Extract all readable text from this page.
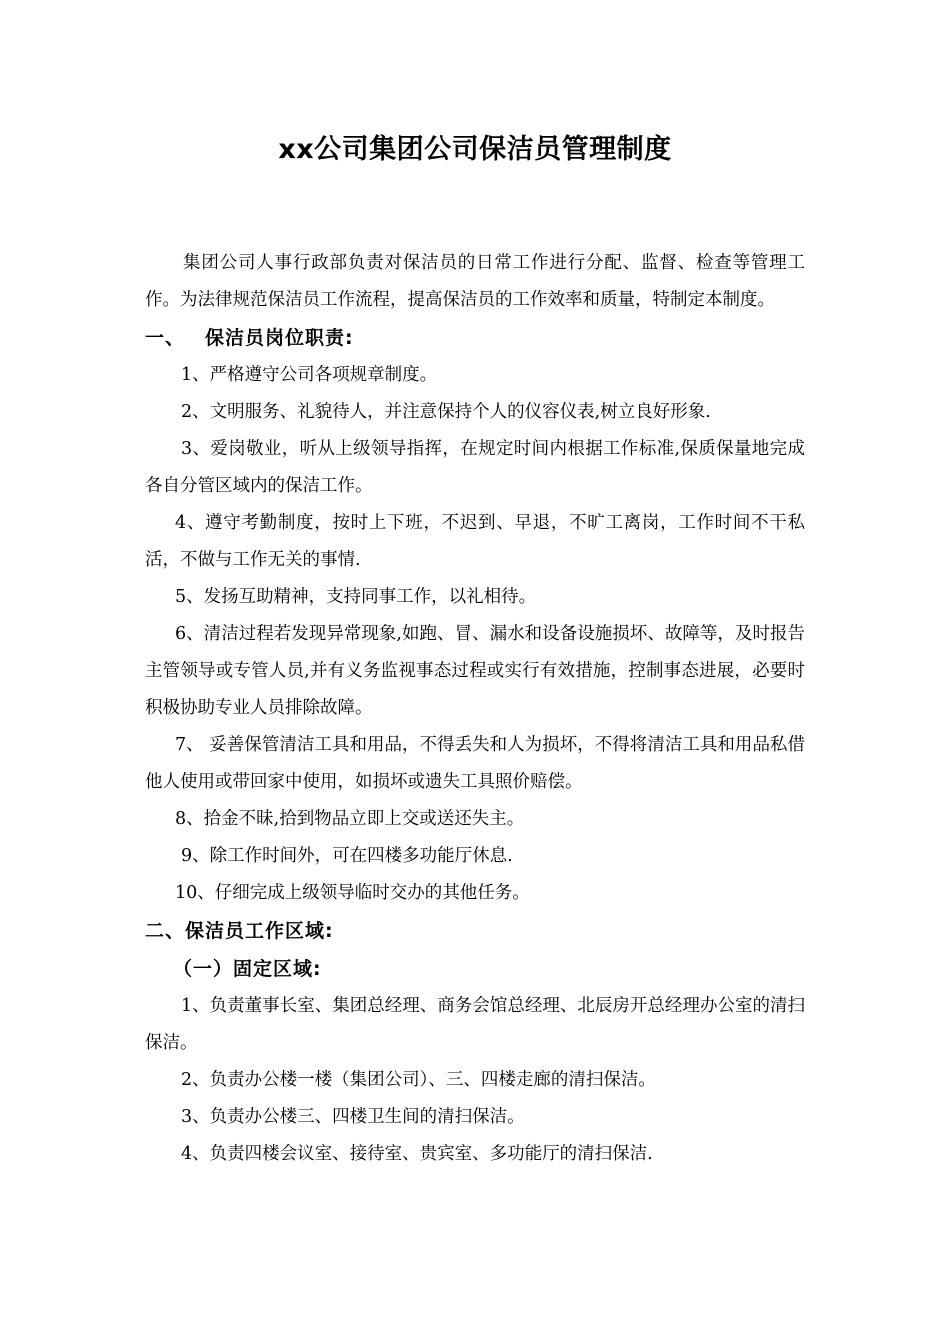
xx公司集团公司保洁员管理制度

集团公司人事行政部负责对保洁员的日常工作进行分配、监督、检查等管理工作。为法律规范保洁员工作流程，提高保洁员的工作效率和质量，特制定本制度。

一、 保洁员岗位职责:

1、严格遵守公司各项规章制度。

2、文明服务、礼貌待人，并注意保持个人的仪容仪表,树立良好形象.

3、爱岗敬业，听从上级领导指挥，在规定时间内根据工作标准,保质保量地完成各自分管区域内的保洁工作。

4、遵守考勤制度，按时上下班，不迟到、早退，不旷工离岗，工作时间不干私活，不做与工作无关的事情.

5、发扬互助精神，支持同事工作，以礼相待。

6、清洁过程若发现异常现象,如跑、冒、漏水和设备设施损坏、故障等，及时报告主管领导或专管人员,并有义务监视事态过程或实行有效措施，控制事态进展，必要时积极协助专业人员排除故障。

7、 妥善保管清洁工具和用品，不得丢失和人为损坏，不得将清洁工具和用品私借他人使用或带回家中使用，如损坏或遗失工具照价赔偿。

8、拾金不昧,拾到物品立即上交或送还失主。

9、除工作时间外，可在四楼多功能厅休息.

10、仔细完成上级领导临时交办的其他任务。

二、保洁员工作区域:
（一）固定区域:

1、负责董事长室、集团总经理、商务会馆总经理、北辰房开总经理办公室的清扫保洁。

2、负责办公楼一楼（集团公司）、三、四楼走廊的清扫保洁。

3、负责办公楼三、四楼卫生间的清扫保洁。

4、负责四楼会议室、接待室、贵宾室、多功能厅的清扫保洁.
